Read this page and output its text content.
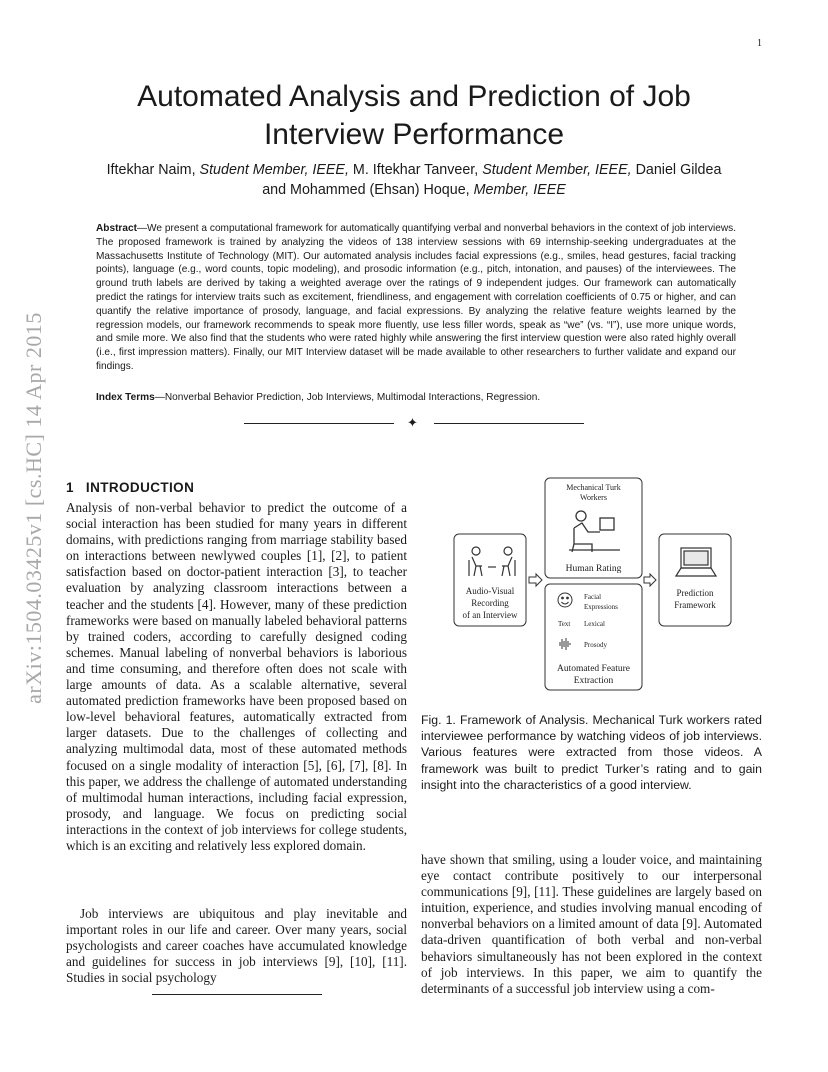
1
Automated Analysis and Prediction of Job Interview Performance
Iftekhar Naim, Student Member, IEEE, M. Iftekhar Tanveer, Student Member, IEEE, Daniel Gildea
and Mohammed (Ehsan) Hoque, Member, IEEE
Abstract—We present a computational framework for automatically quantifying verbal and nonverbal behaviors in the context of job interviews. The proposed framework is trained by analyzing the videos of 138 interview sessions with 69 internship-seeking undergraduates at the Massachusetts Institute of Technology (MIT). Our automated analysis includes facial expressions (e.g., smiles, head gestures, facial tracking points), language (e.g., word counts, topic modeling), and prosodic information (e.g., pitch, intonation, and pauses) of the interviewees. The ground truth labels are derived by taking a weighted average over the ratings of 9 independent judges. Our framework can automatically predict the ratings for interview traits such as excitement, friendliness, and engagement with correlation coefficients of 0.75 or higher, and can quantify the relative importance of prosody, language, and facial expressions. By analyzing the relative feature weights learned by the regression models, our framework recommends to speak more fluently, use less filler words, speak as “we” (vs. “I”), use more unique words, and smile more. We also find that the students who were rated highly while answering the first interview question were also rated highly overall (i.e., first impression matters). Finally, our MIT Interview dataset will be made available to other researchers to further validate and expand our findings.
Index Terms—Nonverbal Behavior Prediction, Job Interviews, Multimodal Interactions, Regression.
✦
arXiv:1504.03425v1 [cs.HC] 14 Apr 2015 1 INTRODUCTION
Analysis of non-verbal behavior to predict the outcome of a social interaction has been studied for many years in different domains, with predictions ranging from marriage stability based on interactions between newlywed couples [1], [2], to patient satisfaction based on doctor-patient interaction [3], to teacher evaluation by analyzing classroom interactions between a teacher and the students [4]. However, many of these prediction frameworks were based on manually labeled behavioral patterns by trained coders, according to carefully designed coding schemes. Manual labeling of nonverbal behaviors is laborious and time consuming, and therefore often does not scale with large amounts of data. As a scalable alternative, several automated prediction frameworks have been proposed based on low-level behavioral features, automatically extracted from larger datasets. Due to the challenges of collecting and analyzing multimodal data, most of these automated methods focused on a single modality of interaction [5], [6], [7], [8]. In this paper, we address the challenge of automated understanding of multimodal human interactions, including facial expression, prosody, and language. We focus on predicting social interactions in the context of job interviews for college students, which is an exciting and relatively less explored domain.
Job interviews are ubiquitous and play inevitable and important roles in our life and career. Over many years, social psychologists and career coaches have accumulated knowledge and guidelines for success in job interviews [9], [10], [11]. Studies in social psychology
Mechanical Turk
Workers
Human Rating
Audio-Visual
Recording
of an Interview
Facial
Expressions
Text Lexical
Prosody
Automated Feature
Extraction
Prediction
Framework
Fig. 1. Framework of Analysis. Mechanical Turk workers rated interviewee performance by watching videos of job interviews. Various features were extracted from those videos. A framework was built to predict Turker’s rating and to gain insight into the characteristics of a good interview.
have shown that smiling, using a louder voice, and maintaining eye contact contribute positively to our interpersonal communications [9], [11]. These guidelines are largely based on intuition, experience, and studies involving manual encoding of nonverbal behaviors on a limited amount of data [9]. Automated data-driven quantification of both verbal and non-verbal behaviors simultaneously has not been explored in the context of job interviews. In this paper, we aim to quantify the determinants of a successful job interview using a com-
